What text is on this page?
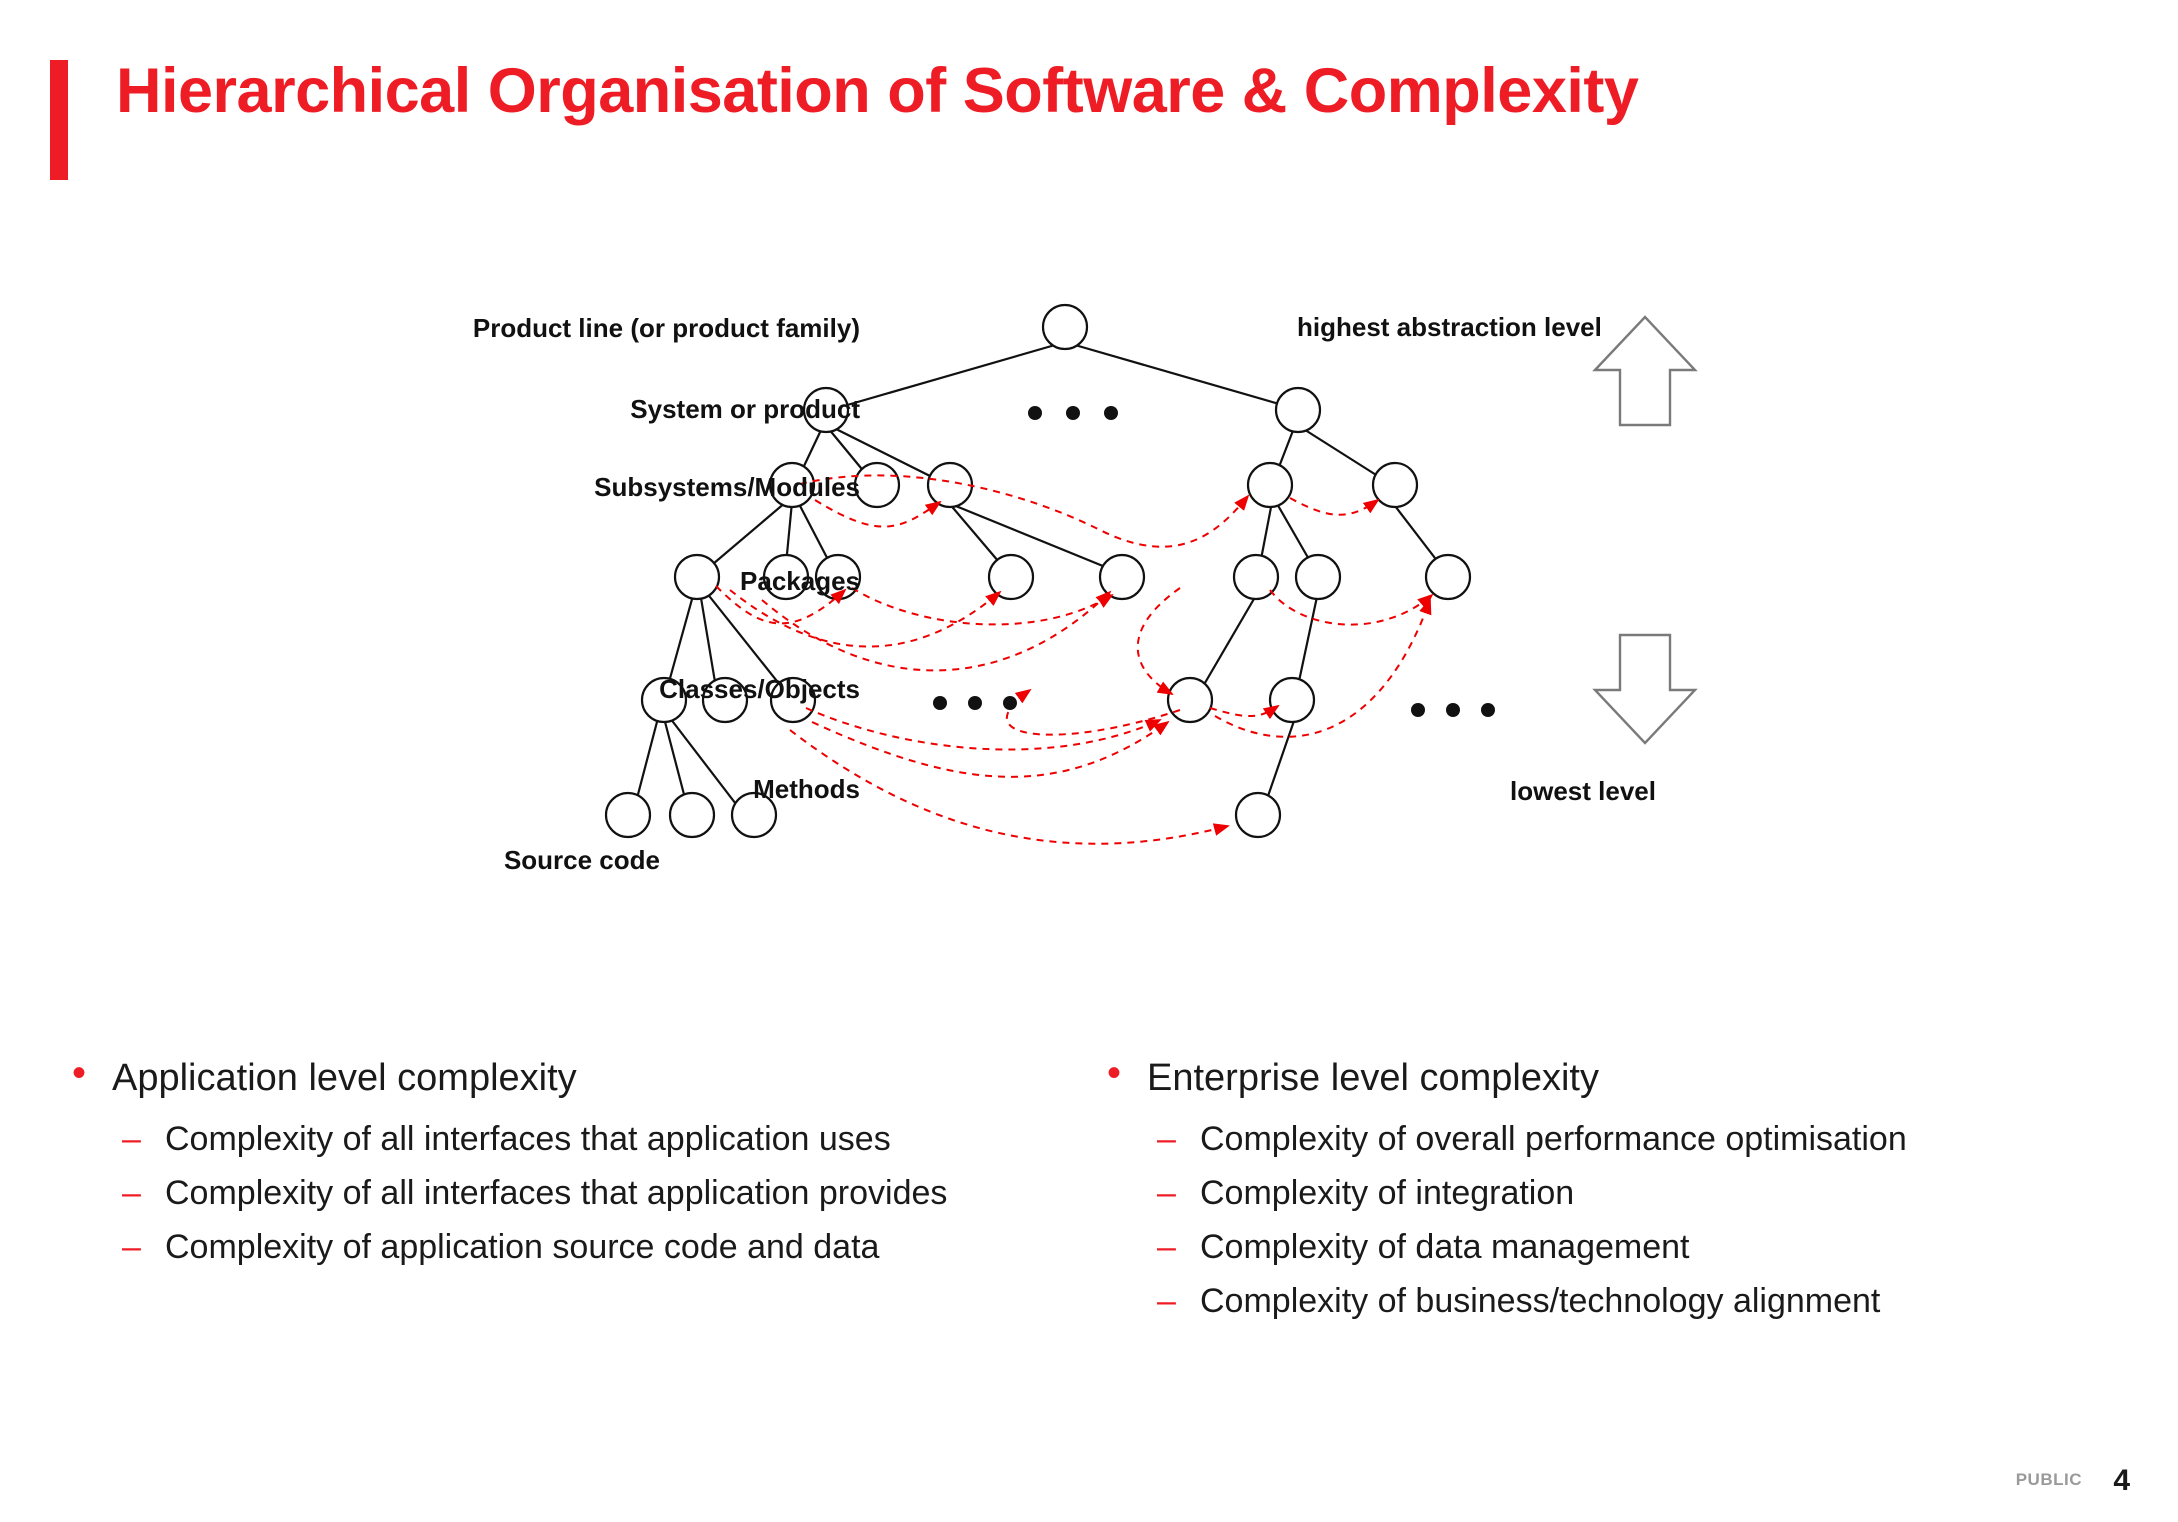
Hierarchical Organisation of Software & Complexity
Product line (or product family)
System or product
Subsystems/Modules
Packages
Classes/Objects
Methods
Source code
highest abstraction level
lowest level
• Application level complexity
– Complexity of all interfaces that application uses
– Complexity of all interfaces that application provides
– Complexity of application source code and data
• Enterprise level complexity
– Complexity of overall performance optimisation
– Complexity of integration
– Complexity of data management
– Complexity of business/technology alignment
PUBLIC 4
